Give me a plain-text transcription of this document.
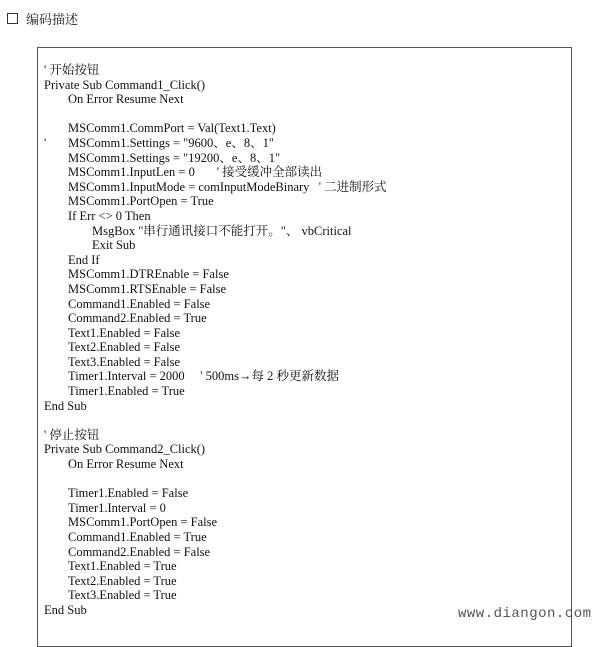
编码描述
' 开始按钮
Private Sub Command1_Click()
On Error Resume Next
MSComm1.CommPort = Val(Text1.Text)
'       MSComm1.Settings = "9600、e、8、1"
MSComm1.Settings = "19200、e、8、1"
MSComm1.InputLen = 0       ' 接受缓冲全部读出
MSComm1.InputMode = comInputModeBinary   ' 二进制形式
MSComm1.PortOpen = True
If Err <> 0 Then
MsgBox "串行通讯接口不能打开。"、 vbCritical
Exit Sub
End If
MSComm1.DTREnable = False
MSComm1.RTSEnable = False
Command1.Enabled = False
Command2.Enabled = True
Text1.Enabled = False
Text2.Enabled = False
Text3.Enabled = False
Timer1.Interval = 2000     ' 500ms→每 2 秒更新数据
Timer1.Enabled = True
End Sub
' 停止按钮
Private Sub Command2_Click()
On Error Resume Next
Timer1.Enabled = False
Timer1.Interval = 0
MSComm1.PortOpen = False
Command1.Enabled = True
Command2.Enabled = False
Text1.Enabled = True
Text2.Enabled = True
Text3.Enabled = True
End Sub	www.diangon.com
